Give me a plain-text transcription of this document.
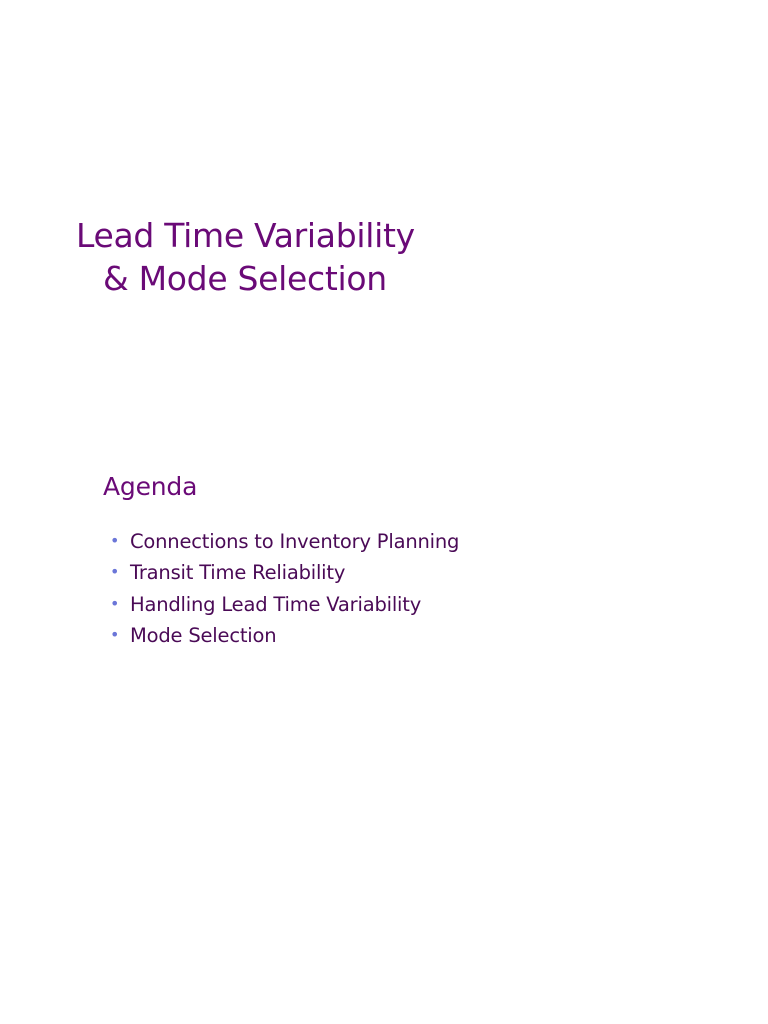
Lead Time Variability
& Mode Selection
Agenda
• Connections to Inventory Planning
• Transit Time Reliability
• Handling Lead Time Variability
• Mode Selection
